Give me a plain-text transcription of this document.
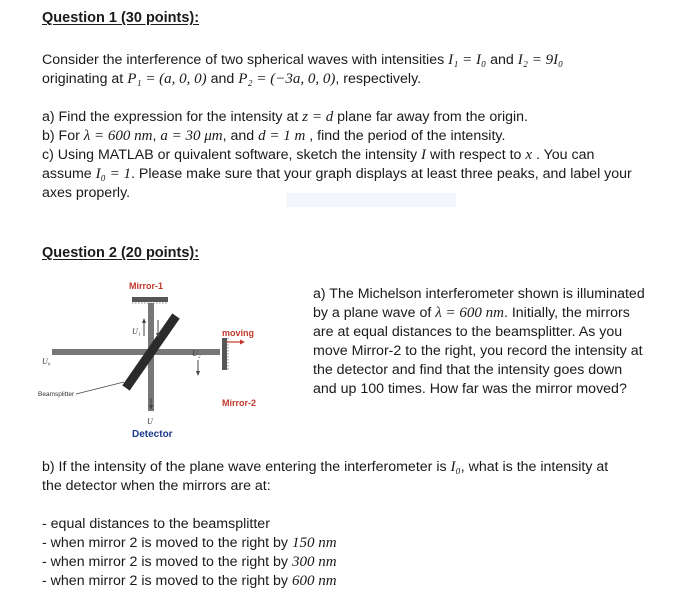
Question 1 (30 points):
Consider the interference of two spherical waves with intensities I₁ = I₀ and I₂ = 9I₀
originating at P₁ = (a, 0, 0) and P₂ = (−3a, 0, 0), respectively.
a) Find the expression for the intensity at z = d plane far away from the origin.
b) For λ = 600 nm, a = 30 μm, and d = 1 m , find the period of the intensity.
c) Using MATLAB or quivalent software, sketch the intensity I with respect to x . You can
assume I₀ = 1. Please make sure that your graph displays at least three peaks, and label your
axes properly.
Question 2 (20 points):
Mirror-1
moving
Mirror-2
U₀
U₁
U₂
U
Beamsplitter
Detector
a) The Michelson interferometer shown is illuminated
by a plane wave of λ = 600 nm. Initially, the mirrors
are at equal distances to the beamsplitter. As you
move Mirror-2 to the right, you record the intensity at
the detector and find that the intensity goes down
and up 100 times. How far was the mirror moved?
b) If the intensity of the plane wave entering the interferometer is I₀, what is the intensity at
the detector when the mirrors are at:
- equal distances to the beamsplitter
- when mirror 2 is moved to the right by 150 nm
- when mirror 2 is moved to the right by 300 nm
- when mirror 2 is moved to the right by 600 nm
